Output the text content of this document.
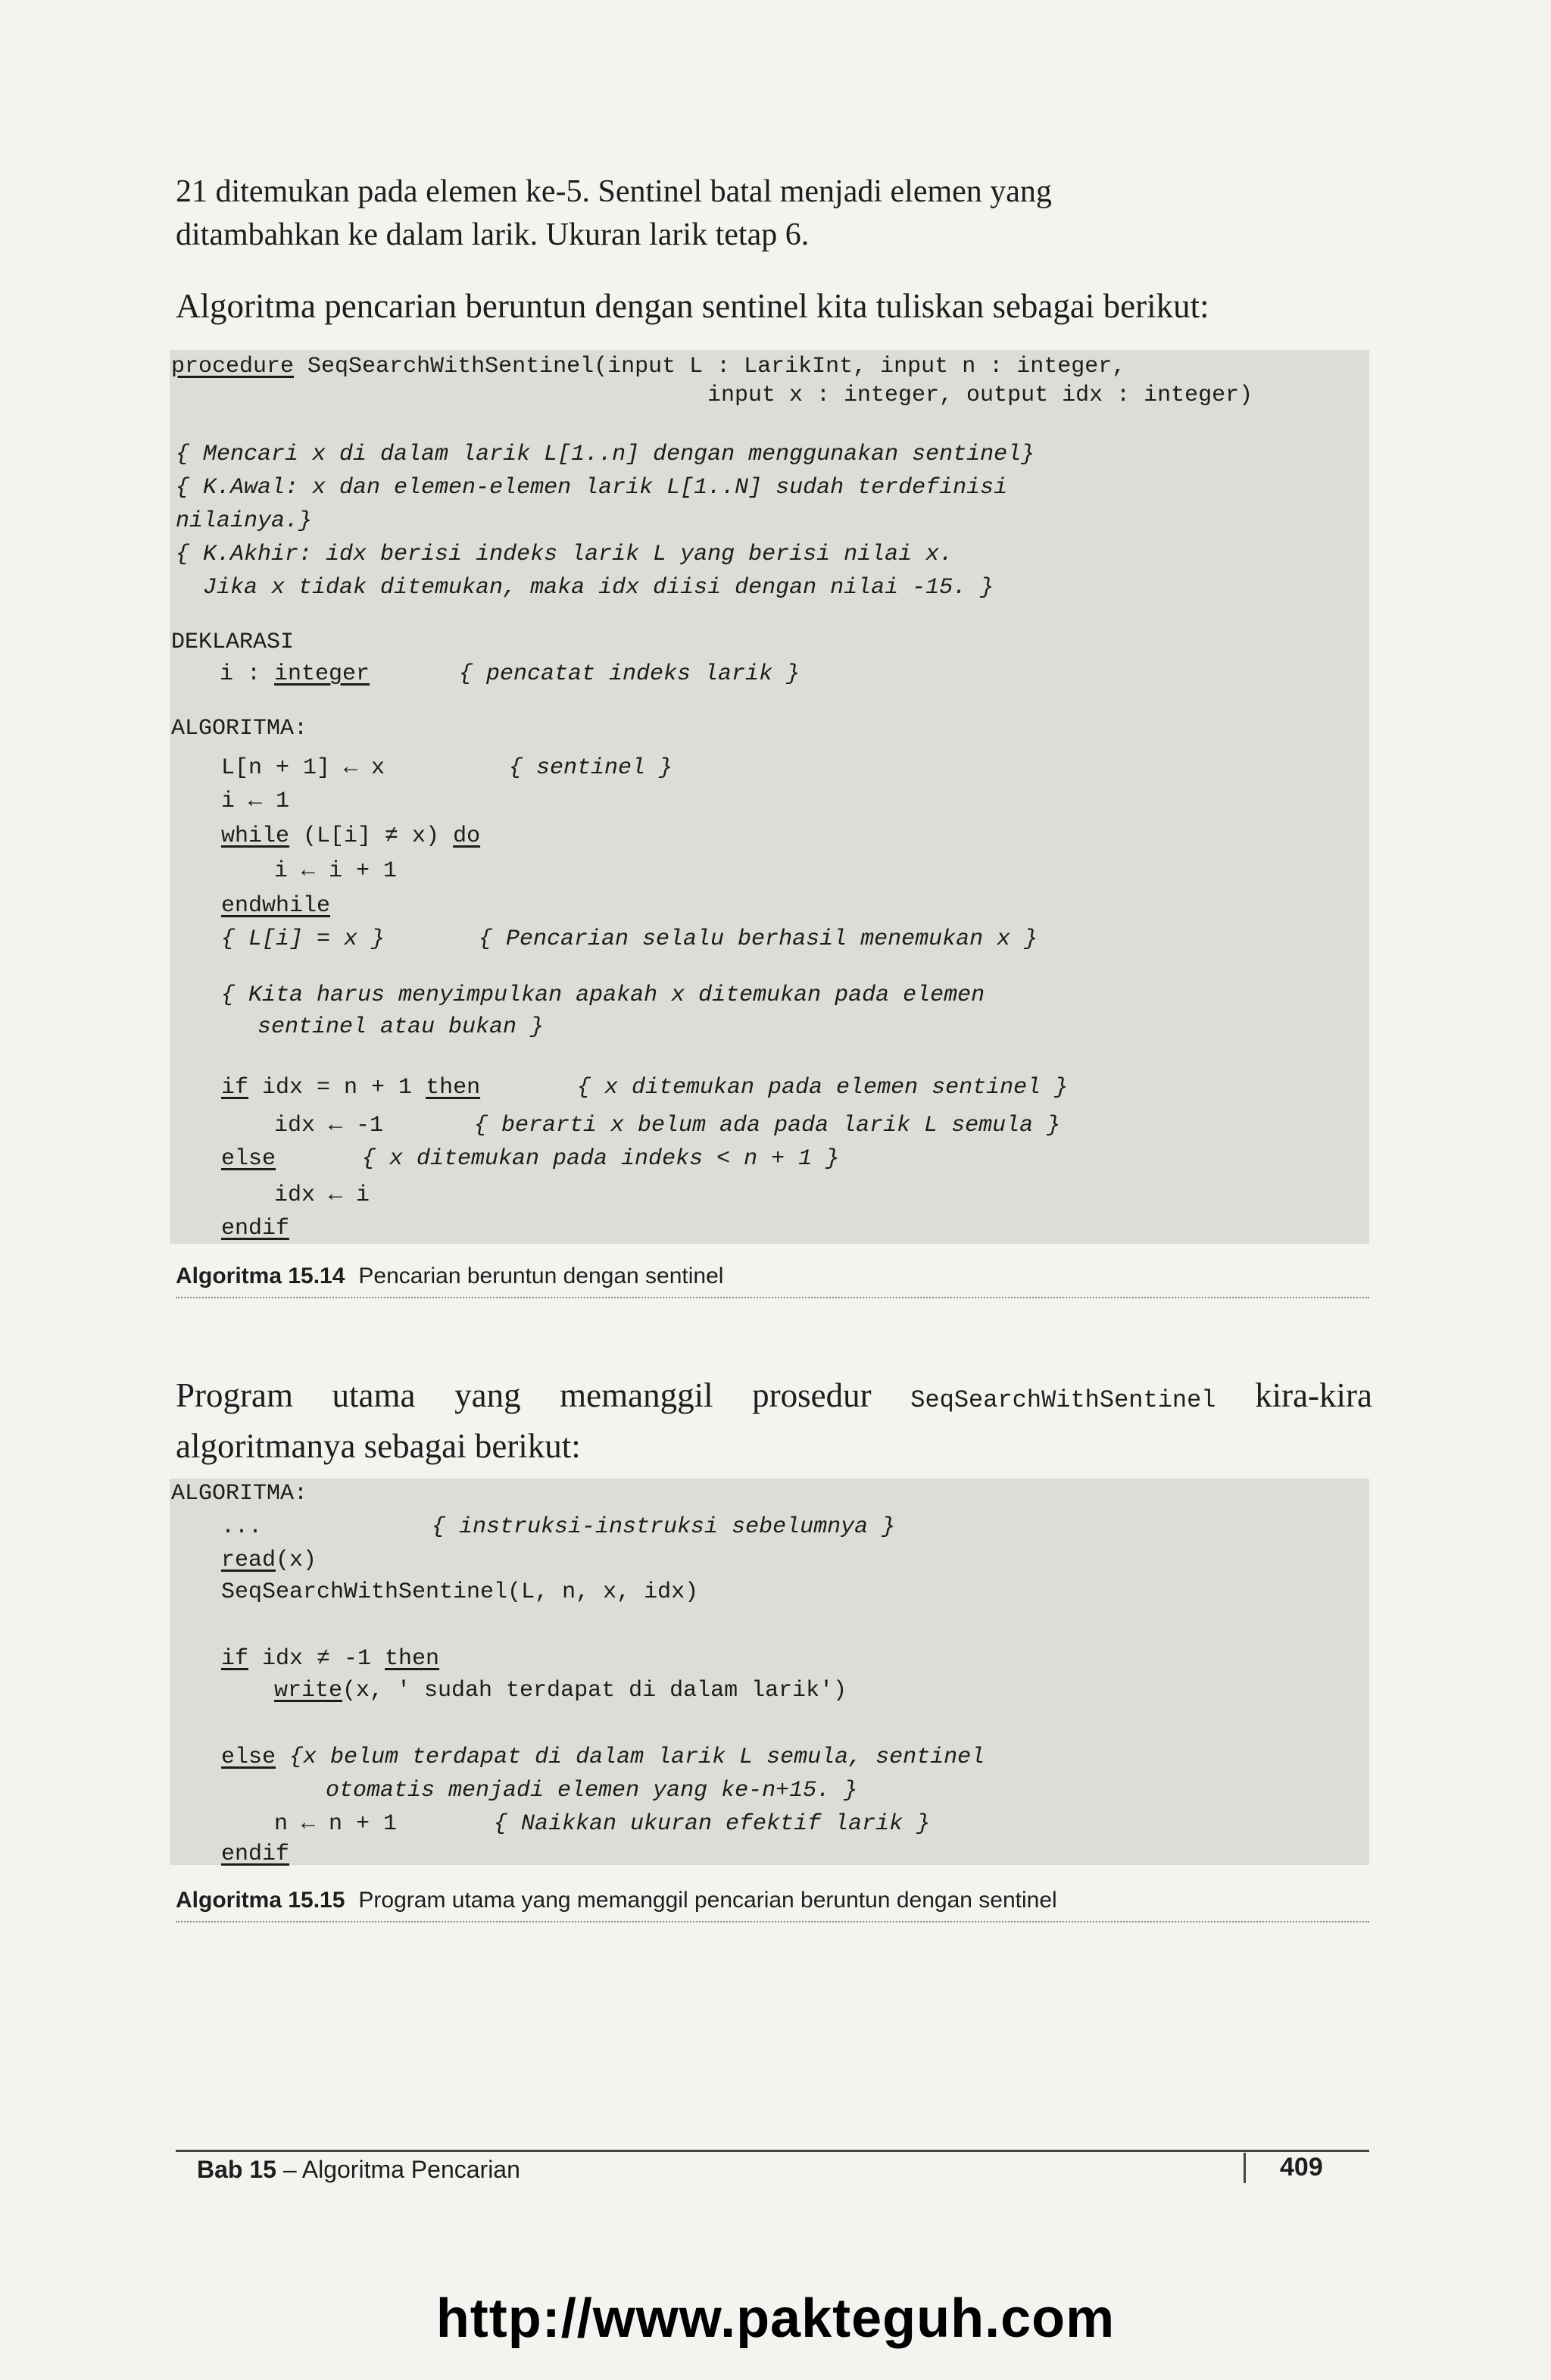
21 ditemukan pada elemen ke-5. Sentinel batal menjadi elemen yang
ditambahkan ke dalam larik. Ukuran larik tetap 6.
Algoritma pencarian beruntun dengan sentinel kita tuliskan sebagai berikut:
procedure SeqSearchWithSentinel(input L : LarikInt, input n : integer,
input x : integer, output idx : integer)
{ Mencari x di dalam larik L[1..n] dengan menggunakan sentinel}
{ K.Awal: x dan elemen-elemen larik L[1..N] sudah terdefinisi
nilainya.}
{ K.Akhir: idx berisi indeks larik L yang berisi nilai x.
Jika x tidak ditemukan, maka idx diisi dengan nilai -15. }
DEKLARASI
i : integer	{ pencatat indeks larik }
ALGORITMA:
L[n + 1] ← x	{ sentinel }
i ← 1
while (L[i] ≠ x) do
i ← i + 1
endwhile
{ L[i] = x }	{ Pencarian selalu berhasil menemukan x }
{ Kita harus menyimpulkan apakah x ditemukan pada elemen
sentinel atau bukan }
if idx = n + 1 then	{ x ditemukan pada elemen sentinel }
idx ← -1	{ berarti x belum ada pada larik L semula }
else	{ x ditemukan pada indeks < n + 1 }
idx ← i
endif
Algoritma 15.14 Pencarian beruntun dengan sentinel
Program utama yang memanggil prosedur SeqSearchWithSentinel kira-kira algoritmanya sebagai berikut:
ALGORITMA:
...	{ instruksi-instruksi sebelumnya }
read(x)
SeqSearchWithSentinel(L, n, x, idx)
if idx ≠ -1 then
write(x, ' sudah terdapat di dalam larik')
else {x belum terdapat di dalam larik L semula, sentinel
otomatis menjadi elemen yang ke-n+15. }
n ← n + 1	{ Naikkan ukuran efektif larik }
endif
Algoritma 15.15 Program utama yang memanggil pencarian beruntun dengan sentinel
Bab 15 – Algoritma Pencarian	409
http://www.pakteguh.com
